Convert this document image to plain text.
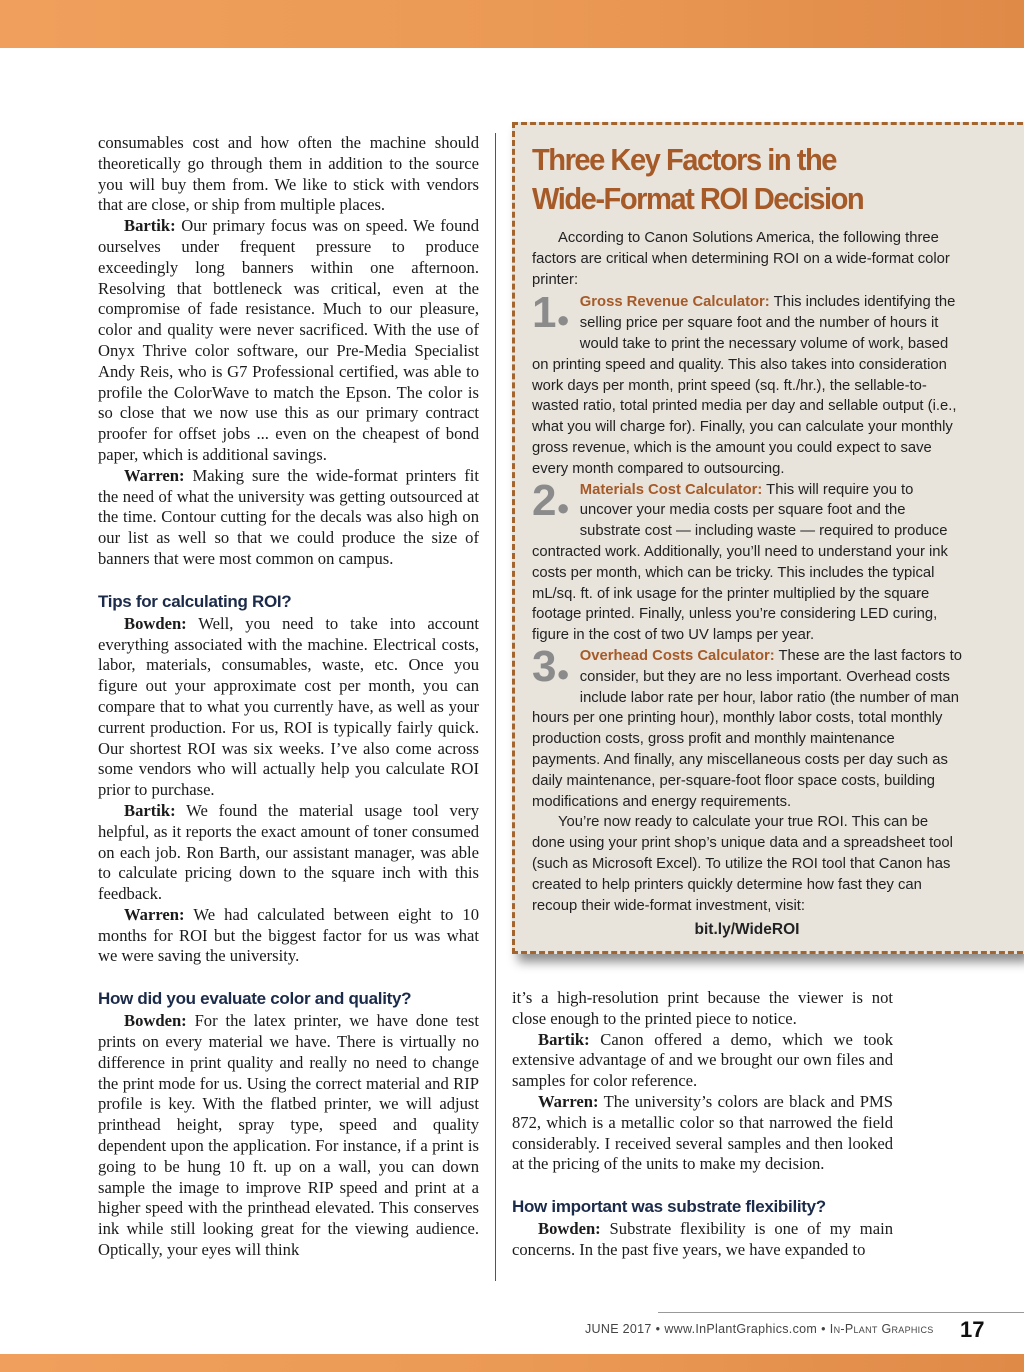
consumables cost and how often the machine should theoretically go through them in addition to the source you will buy them from. We like to stick with vendors that are close, or ship from multiple places.

Bartik: Our primary focus was on speed. We found ourselves under frequent pressure to produce exceedingly long banners within one afternoon. Resolving that bottleneck was critical, even at the compromise of fade resistance. Much to our pleasure, color and quality were never sacrificed. With the use of Onyx Thrive color software, our Pre-Media Specialist Andy Reis, who is G7 Professional certified, was able to profile the ColorWave to match the Epson. The color is so close that we now use this as our primary contract proofer for offset jobs ... even on the cheapest of bond paper, which is additional savings.

Warren: Making sure the wide-format printers fit the need of what the university was getting outsourced at the time. Contour cutting for the decals was also high on our list as well so that we could produce the size of banners that were most common on campus.

Tips for calculating ROI?

Bowden: Well, you need to take into account everything associated with the machine. Electrical costs, labor, materials, consumables, waste, etc. Once you figure out your approximate cost per month, you can compare that to what you currently have, as well as your current production. For us, ROI is typically fairly quick. Our shortest ROI was six weeks. I’ve also come across some vendors who will actually help you calculate ROI prior to purchase.

Bartik: We found the material usage tool very helpful, as it reports the exact amount of toner consumed on each job. Ron Barth, our assistant manager, was able to calculate pricing down to the square inch with this feedback.

Warren: We had calculated between eight to 10 months for ROI but the biggest factor for us was what we were saving the university.

How did you evaluate color and quality?

Bowden: For the latex printer, we have done test prints on every material we have. There is virtually no difference in print quality and really no need to change the print mode for us. Using the correct material and RIP profile is key. With the flatbed printer, we will adjust printhead height, spray type, speed and quality dependent upon the application. For instance, if a print is going to be hung 10 ft. up on a wall, you can down sample the image to improve RIP speed and print at a higher speed with the printhead elevated. This conserves ink while still looking great for the viewing audience. Optically, your eyes will think

Three Key Factors in the
Wide-Format ROI Decision

According to Canon Solutions America, the following three factors are critical when determining ROI on a wide-format color printer:

1●
Gross Revenue Calculator: This includes identifying the selling price per square foot and the number of hours it would take to print the necessary volume of work, based on printing speed and quality. This also takes into consideration work days per month, print speed (sq. ft./hr.), the sellable-to-wasted ratio, total printed media per day and sellable output (i.e., what you will charge for). Finally, you can calculate your monthly gross revenue, which is the amount you could expect to save every month compared to outsourcing.

2●
Materials Cost Calculator: This will require you to uncover your media costs per square foot and the substrate cost — including waste — required to produce contracted work. Additionally, you’ll need to understand your ink costs per month, which can be tricky. This includes the typical mL/sq. ft. of ink usage for the printer multiplied by the square footage printed. Finally, unless you’re considering LED curing, figure in the cost of two UV lamps per year.

3●
Overhead Costs Calculator: These are the last factors to consider, but they are no less important. Overhead costs include labor rate per hour, labor ratio (the number of man hours per one printing hour), monthly labor costs, total monthly production costs, gross profit and monthly maintenance payments. And finally, any miscellaneous costs per day such as daily maintenance, per-square-foot floor space costs, building modifications and energy requirements.

You’re now ready to calculate your true ROI. This can be done using your print shop’s unique data and a spreadsheet tool (such as Microsoft Excel). To utilize the ROI tool that Canon has created to help printers quickly determine how fast they can recoup their wide-format investment, visit:

bit.ly/WideROI

it’s a high-resolution print because the viewer is not close enough to the printed piece to notice.

Bartik: Canon offered a demo, which we took extensive advantage of and we brought our own files and samples for color reference.

Warren: The university’s colors are black and PMS 872, which is a metallic color so that narrowed the field considerably. I received several samples and then looked at the pricing of the units to make my decision.

How important was substrate flexibility?

Bowden: Substrate flexibility is one of my main concerns. In the past five years, we have expanded to

JUNE 2017 • www.InPlantGraphics.com • In-Plant Graphics 17
